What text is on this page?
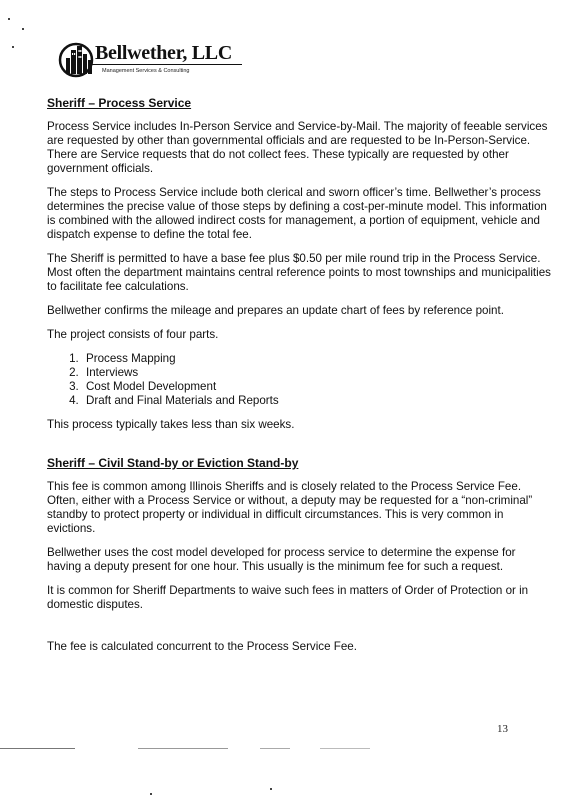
Bellwether, LLC
Management Services & Consulting
Sheriff – Process Service

Process Service includes In-Person Service and Service-by-Mail. The majority of feeable services are requested by other than governmental officials and are requested to be In-Person-Service. There are Service requests that do not collect fees. These typically are requested by other government officials.

The steps to Process Service include both clerical and sworn officer’s time. Bellwether’s process determines the precise value of those steps by defining a cost-per-minute model. This information is combined with the allowed indirect costs for management, a portion of equipment, vehicle and dispatch expense to define the total fee.

The Sheriff is permitted to have a base fee plus $0.50 per mile round trip in the Process Service. Most often the department maintains central reference points to most townships and municipalities to facilitate fee calculations.

Bellwether confirms the mileage and prepares an update chart of fees by reference point.

The project consists of four parts.

1. Process Mapping
2. Interviews
3. Cost Model Development
4. Draft and Final Materials and Reports

This process typically takes less than six weeks.

Sheriff – Civil Stand-by or Eviction Stand-by

This fee is common among Illinois Sheriffs and is closely related to the Process Service Fee. Often, either with a Process Service or without, a deputy may be requested for a “non-criminal” standby to protect property or individual in difficult circumstances. This is very common in evictions.

Bellwether uses the cost model developed for process service to determine the expense for having a deputy present for one hour. This usually is the minimum fee for such a request.

It is common for Sheriff Departments to waive such fees in matters of Order of Protection or in domestic disputes.

The fee is calculated concurrent to the Process Service Fee.

13
